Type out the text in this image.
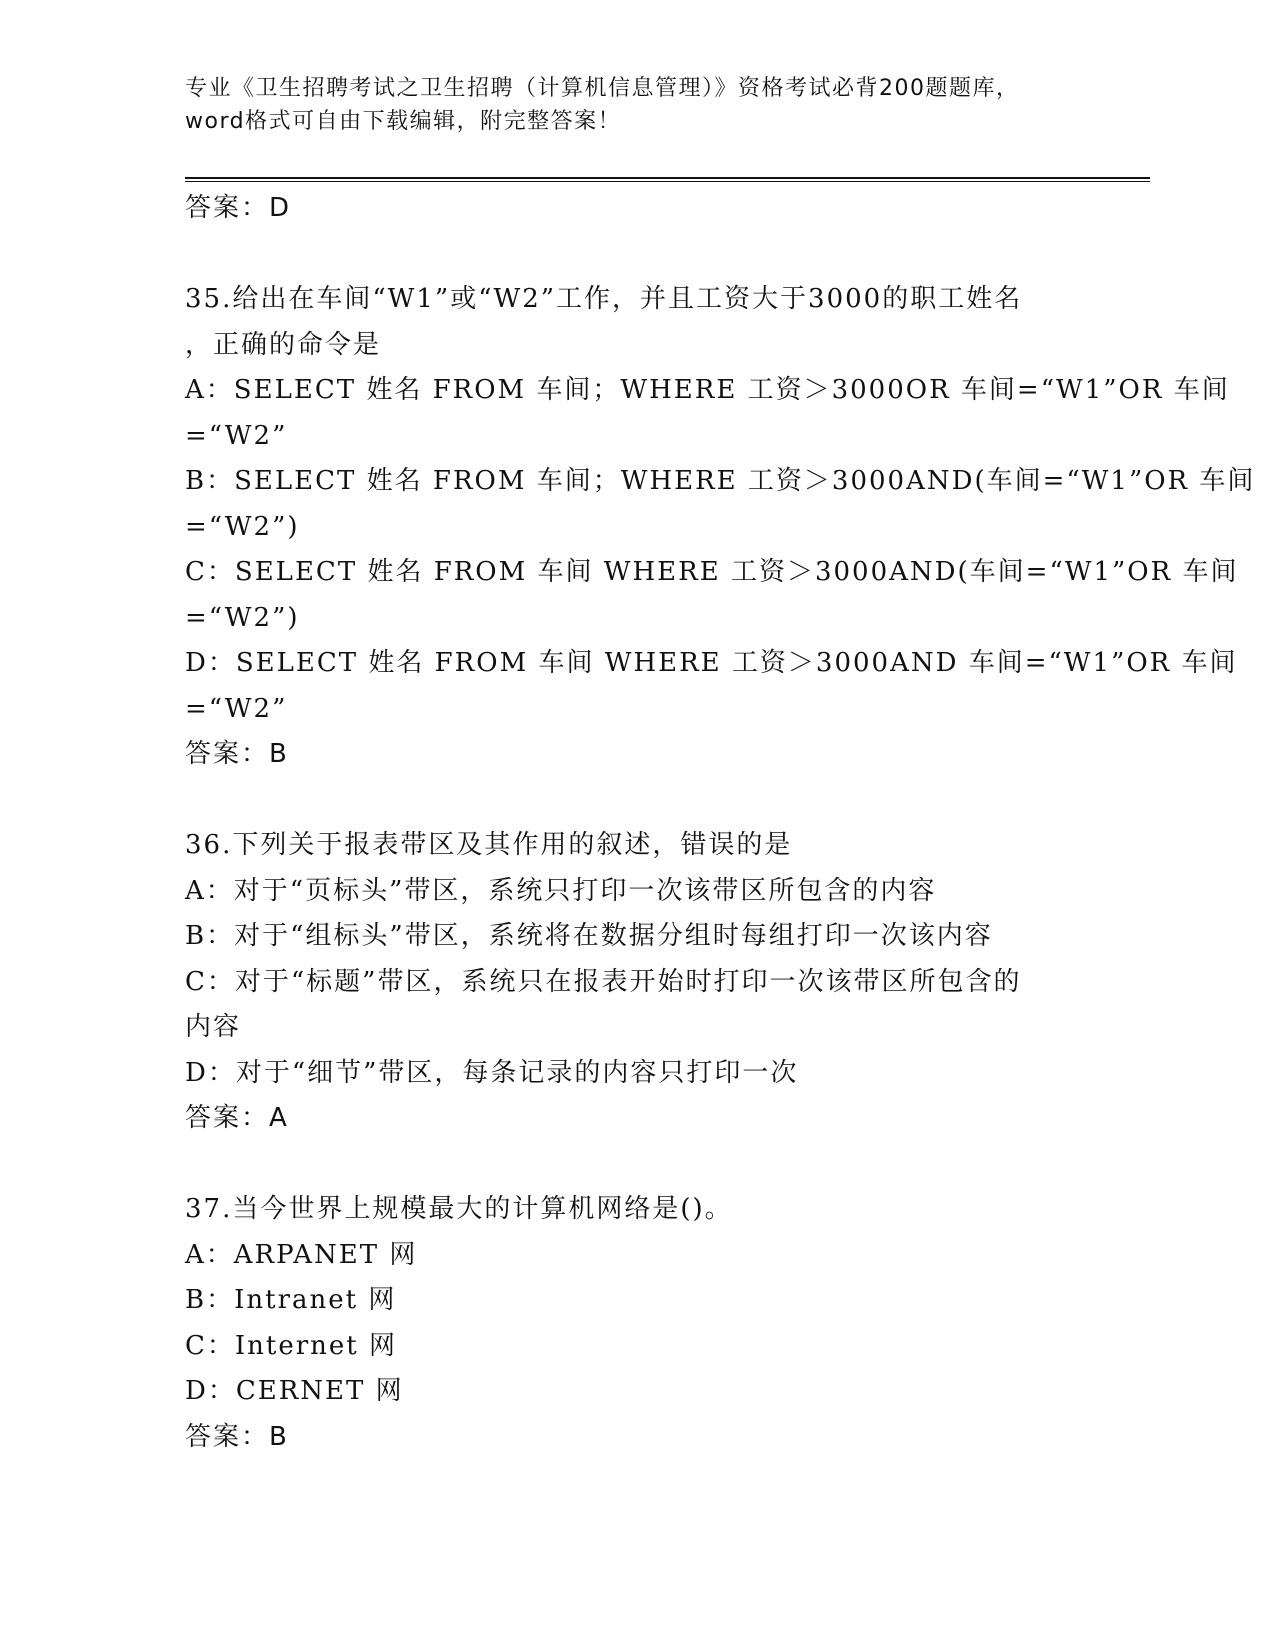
专业《卫生招聘考试之卫生招聘（计算机信息管理）》资格考试必背200题题库，
word格式可自由下载编辑，附完整答案！
答案：D
35.给出在车间“W1”或“W2”工作，并且工资大于3000的职工姓名
，正确的命令是
A：SELECT 姓名 FROM 车间；WHERE 工资＞3000OR 车间=“W1”OR 车间
=“W2”
B：SELECT 姓名 FROM 车间；WHERE 工资＞3000AND(车间=“W1”OR 车间
=“W2”)
C：SELECT 姓名 FROM 车间 WHERE 工资＞3000AND(车间=“W1”OR 车间
=“W2”)
D：SELECT 姓名 FROM 车间 WHERE 工资＞3000AND 车间=“W1”OR 车间
=“W2”
答案：B
36.下列关于报表带区及其作用的叙述，错误的是
A：对于“页标头”带区，系统只打印一次该带区所包含的内容
B：对于“组标头”带区，系统将在数据分组时每组打印一次该内容
C：对于“标题”带区，系统只在报表开始时打印一次该带区所包含的
内容
D：对于“细节”带区，每条记录的内容只打印一次
答案：A
37.当今世界上规模最大的计算机网络是()。
A：ARPANET 网
B：Intranet 网
C：Internet 网
D：CERNET 网
答案：B
